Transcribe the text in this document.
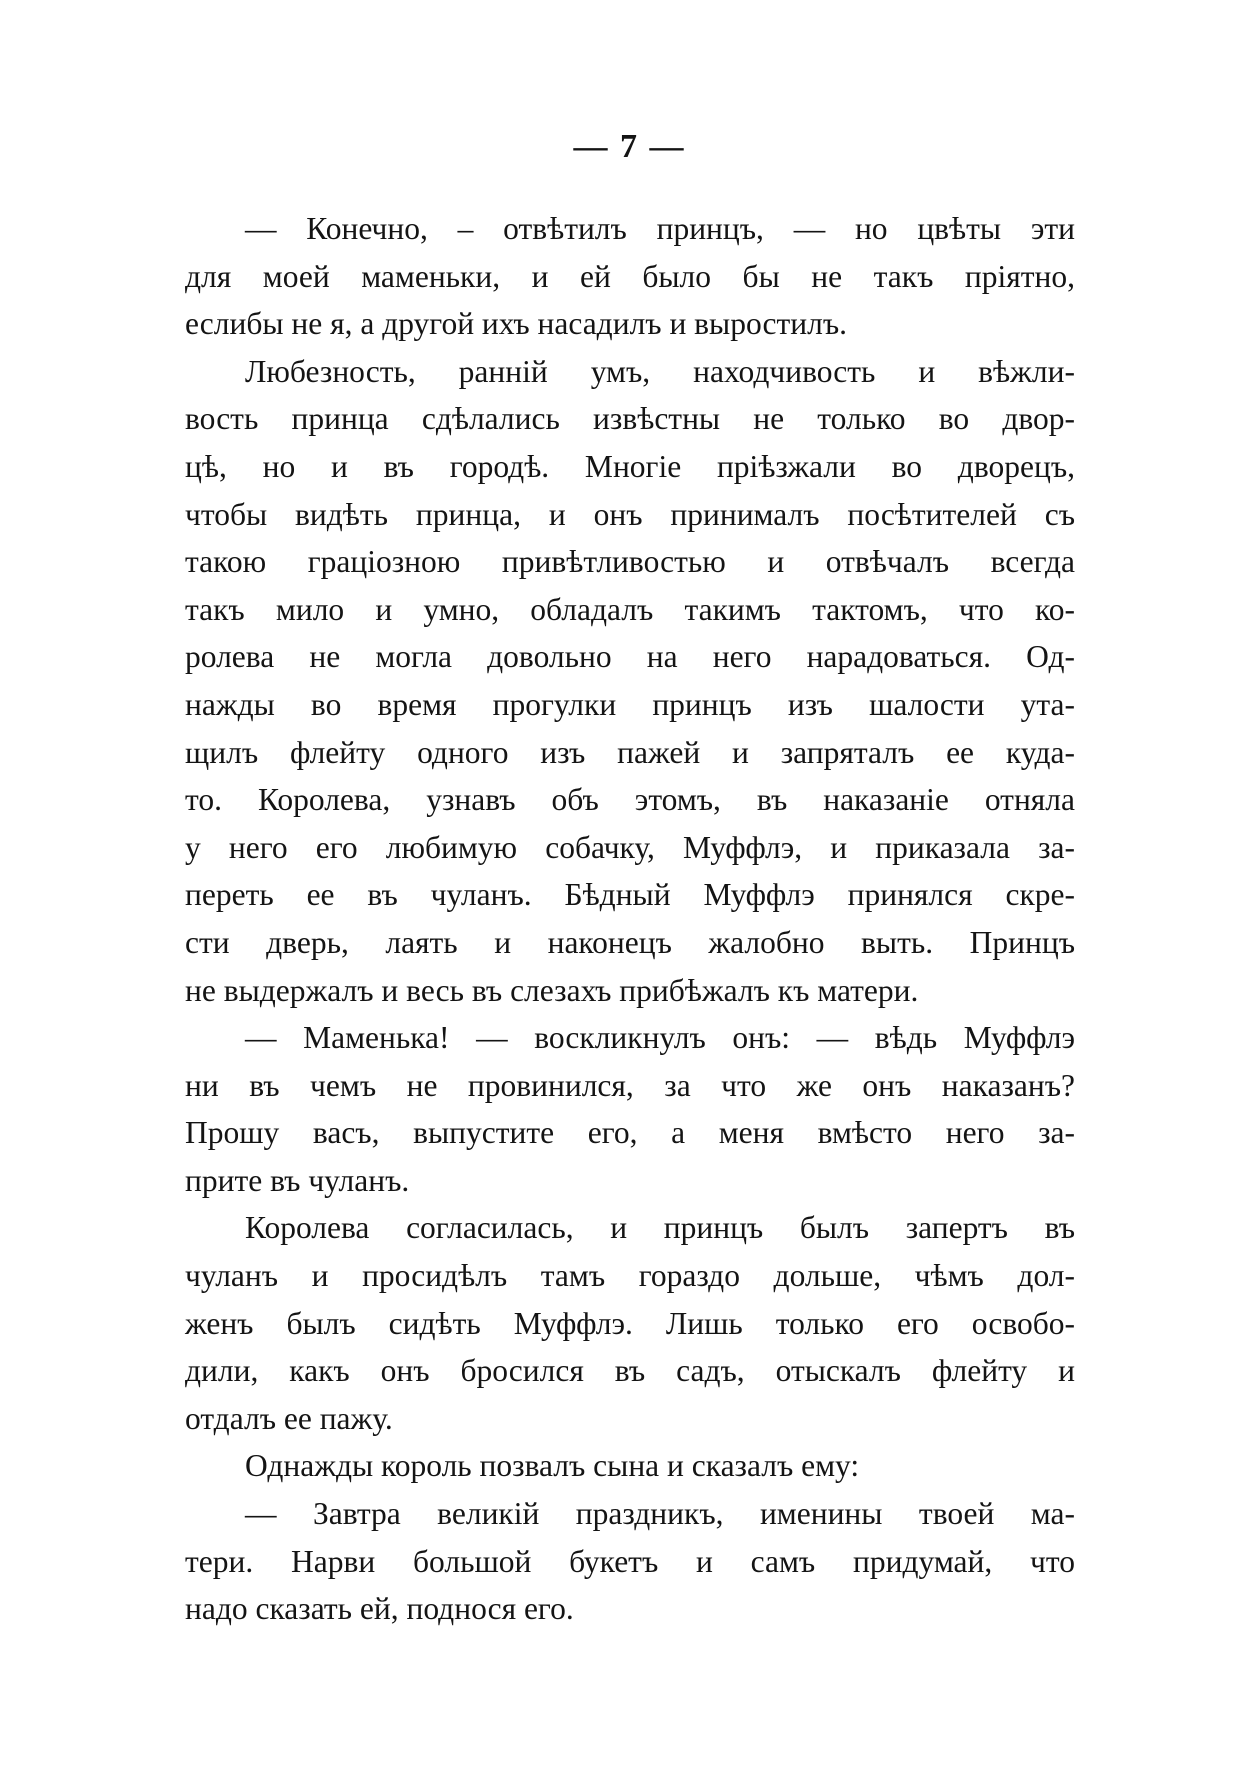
— 7 —
— Конечно, – отвѣтилъ принцъ, — но цвѣты эти
для моей маменьки, и ей было бы не такъ пріятно,
еслибы не я, а другой ихъ насадилъ и выростилъ.
Любезность, раннiй умъ, находчивость и вѣжли-
вость принца сдѣлались извѣстны не только во двор-
цѣ, но и въ городѣ. Многіе пріѣзжали во дворецъ,
чтобы видѣть принца, и онъ принималъ посѣтителей съ
такою граціозною привѣтливостью и отвѣчалъ всегда
такъ мило и умно, обладалъ такимъ тактомъ, что ко-
ролева не могла довольно на него нарадоваться. Од-
нажды во время прогулки принцъ изъ шалости ута-
щилъ флейту одного изъ пажей и запряталъ ее куда-
то. Королева, узнавъ объ этомъ, въ наказаніе отняла
у него его любимую собачку, Муффлэ, и приказала за-
переть ее въ чуланъ. Бѣдный Муффлэ принялся скре-
сти дверь, лаять и наконецъ жалобно выть. Принцъ
не выдержалъ и весь въ слезахъ прибѣжалъ къ матери.
— Маменька! — воскликнулъ онъ: — вѣдь Муффлэ
ни въ чемъ не провинился, за что же онъ наказанъ?
Прошу васъ, выпустите его, а меня вмѣсто него за-
прите въ чуланъ.
Королева согласилась, и принцъ былъ запертъ въ
чуланъ и просидѣлъ тамъ гораздо дольше, чѣмъ дол-
женъ былъ сидѣть Муффлэ. Лишь только его освобо-
дили, какъ онъ бросился въ садъ, отыскалъ флейту и
отдалъ ее пажу.
Однажды король позвалъ сына и сказалъ ему:
— Завтра великій праздникъ, именины твоей ма-
тери. Нарви большой букетъ и самъ придумай, что
надо сказать ей, поднося его.
